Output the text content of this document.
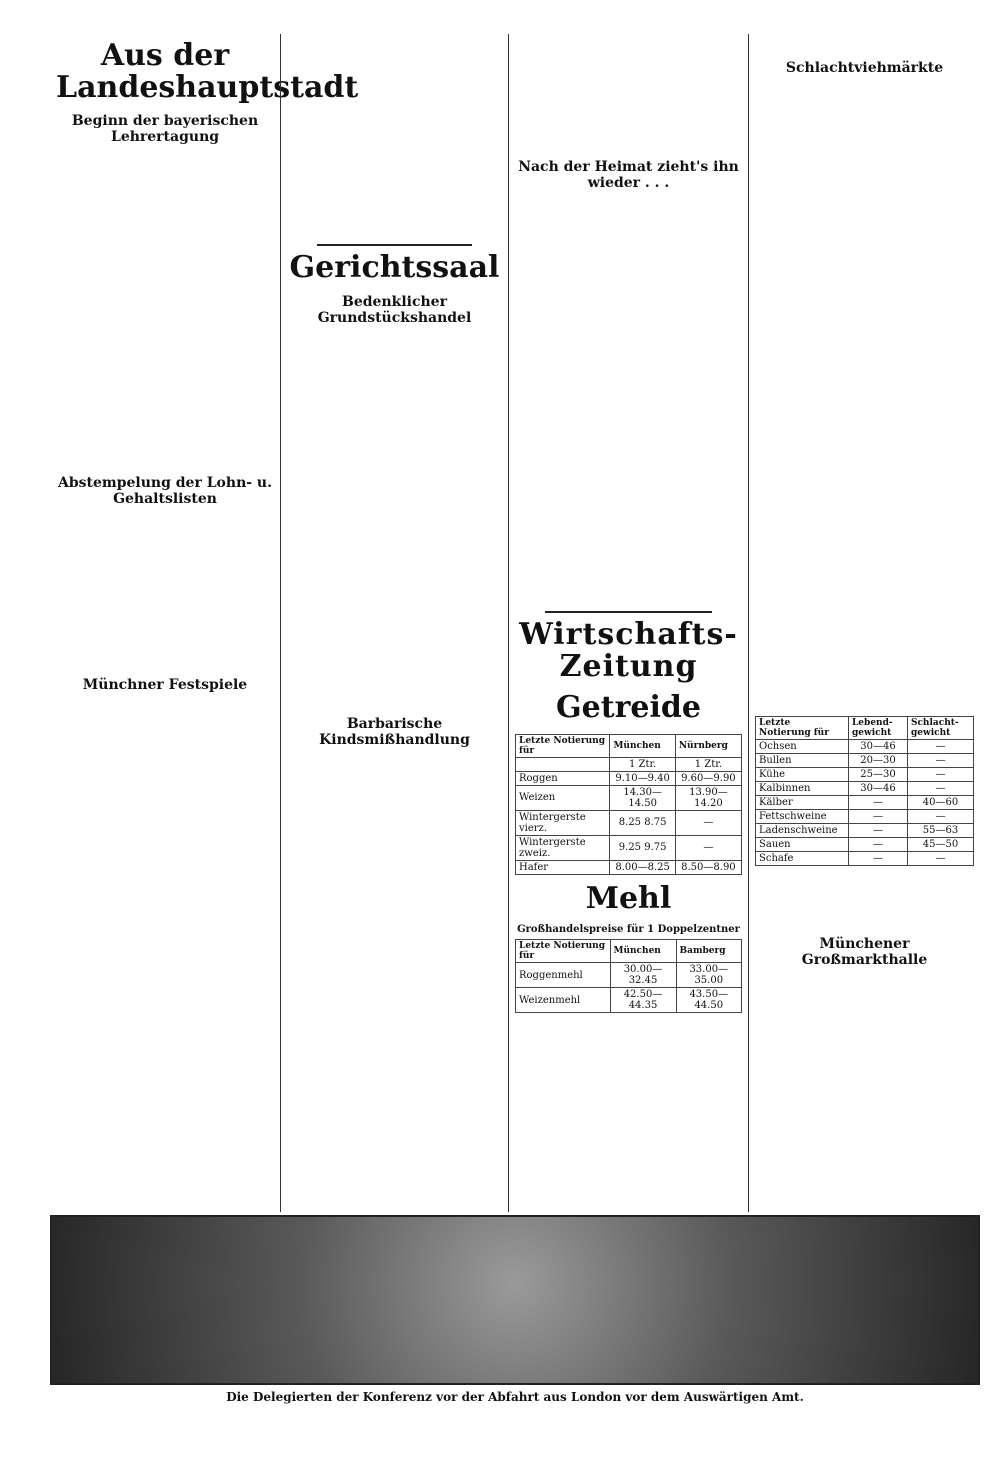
Aus der Landeshauptstadt
Beginn der bayerischen Lehrertagung
Abstempelung der Lohn- u. Gehaltslisten
Münchner Festspiele
Gerichtssaal
Bedenklicher Grundstückshandel
Barbarische Kindsmißhandlung
Nach der Heimat zieht's ihn wieder . . .
Wirtschafts-Zeitung
Getreide
Letzte Notierung für	München	Nürnberg
	1 Ztr.	1 Ztr.
Roggen	9.10—9.40	9.60—9.90
Weizen	14.30—14.50	13.90—14.20
Wintergerste vierz.	8.25 8.75	—
Wintergerste zweiz.	9.25 9.75	—
Hafer	8.00—8.25	8.50—8.90
Mehl
Großhandelspreise für 1 Doppelzentner
Letzte Notierung für	München	Bamberg
Roggenmehl	30.00—32.45	33.00—35.00
Weizenmehl	42.50—44.35	43.50—44.50
Schlachtviehmärkte
Letzte Notierung für	Lebend-gewicht	Schlacht-gewicht
Ochsen	30—46	—
Bullen	20—30	—
Kühe	25—30	—
Kalbinnen	30—46	—
Kälber	—	40—60
Fettschweine	—	—
Ladenschweine	—	55—63
Sauen	—	45—50
Schafe	—	—
Münchener Großmarkthalle
Die Delegierten der Konferenz vor der Abfahrt aus London vor dem Auswärtigen Amt.
